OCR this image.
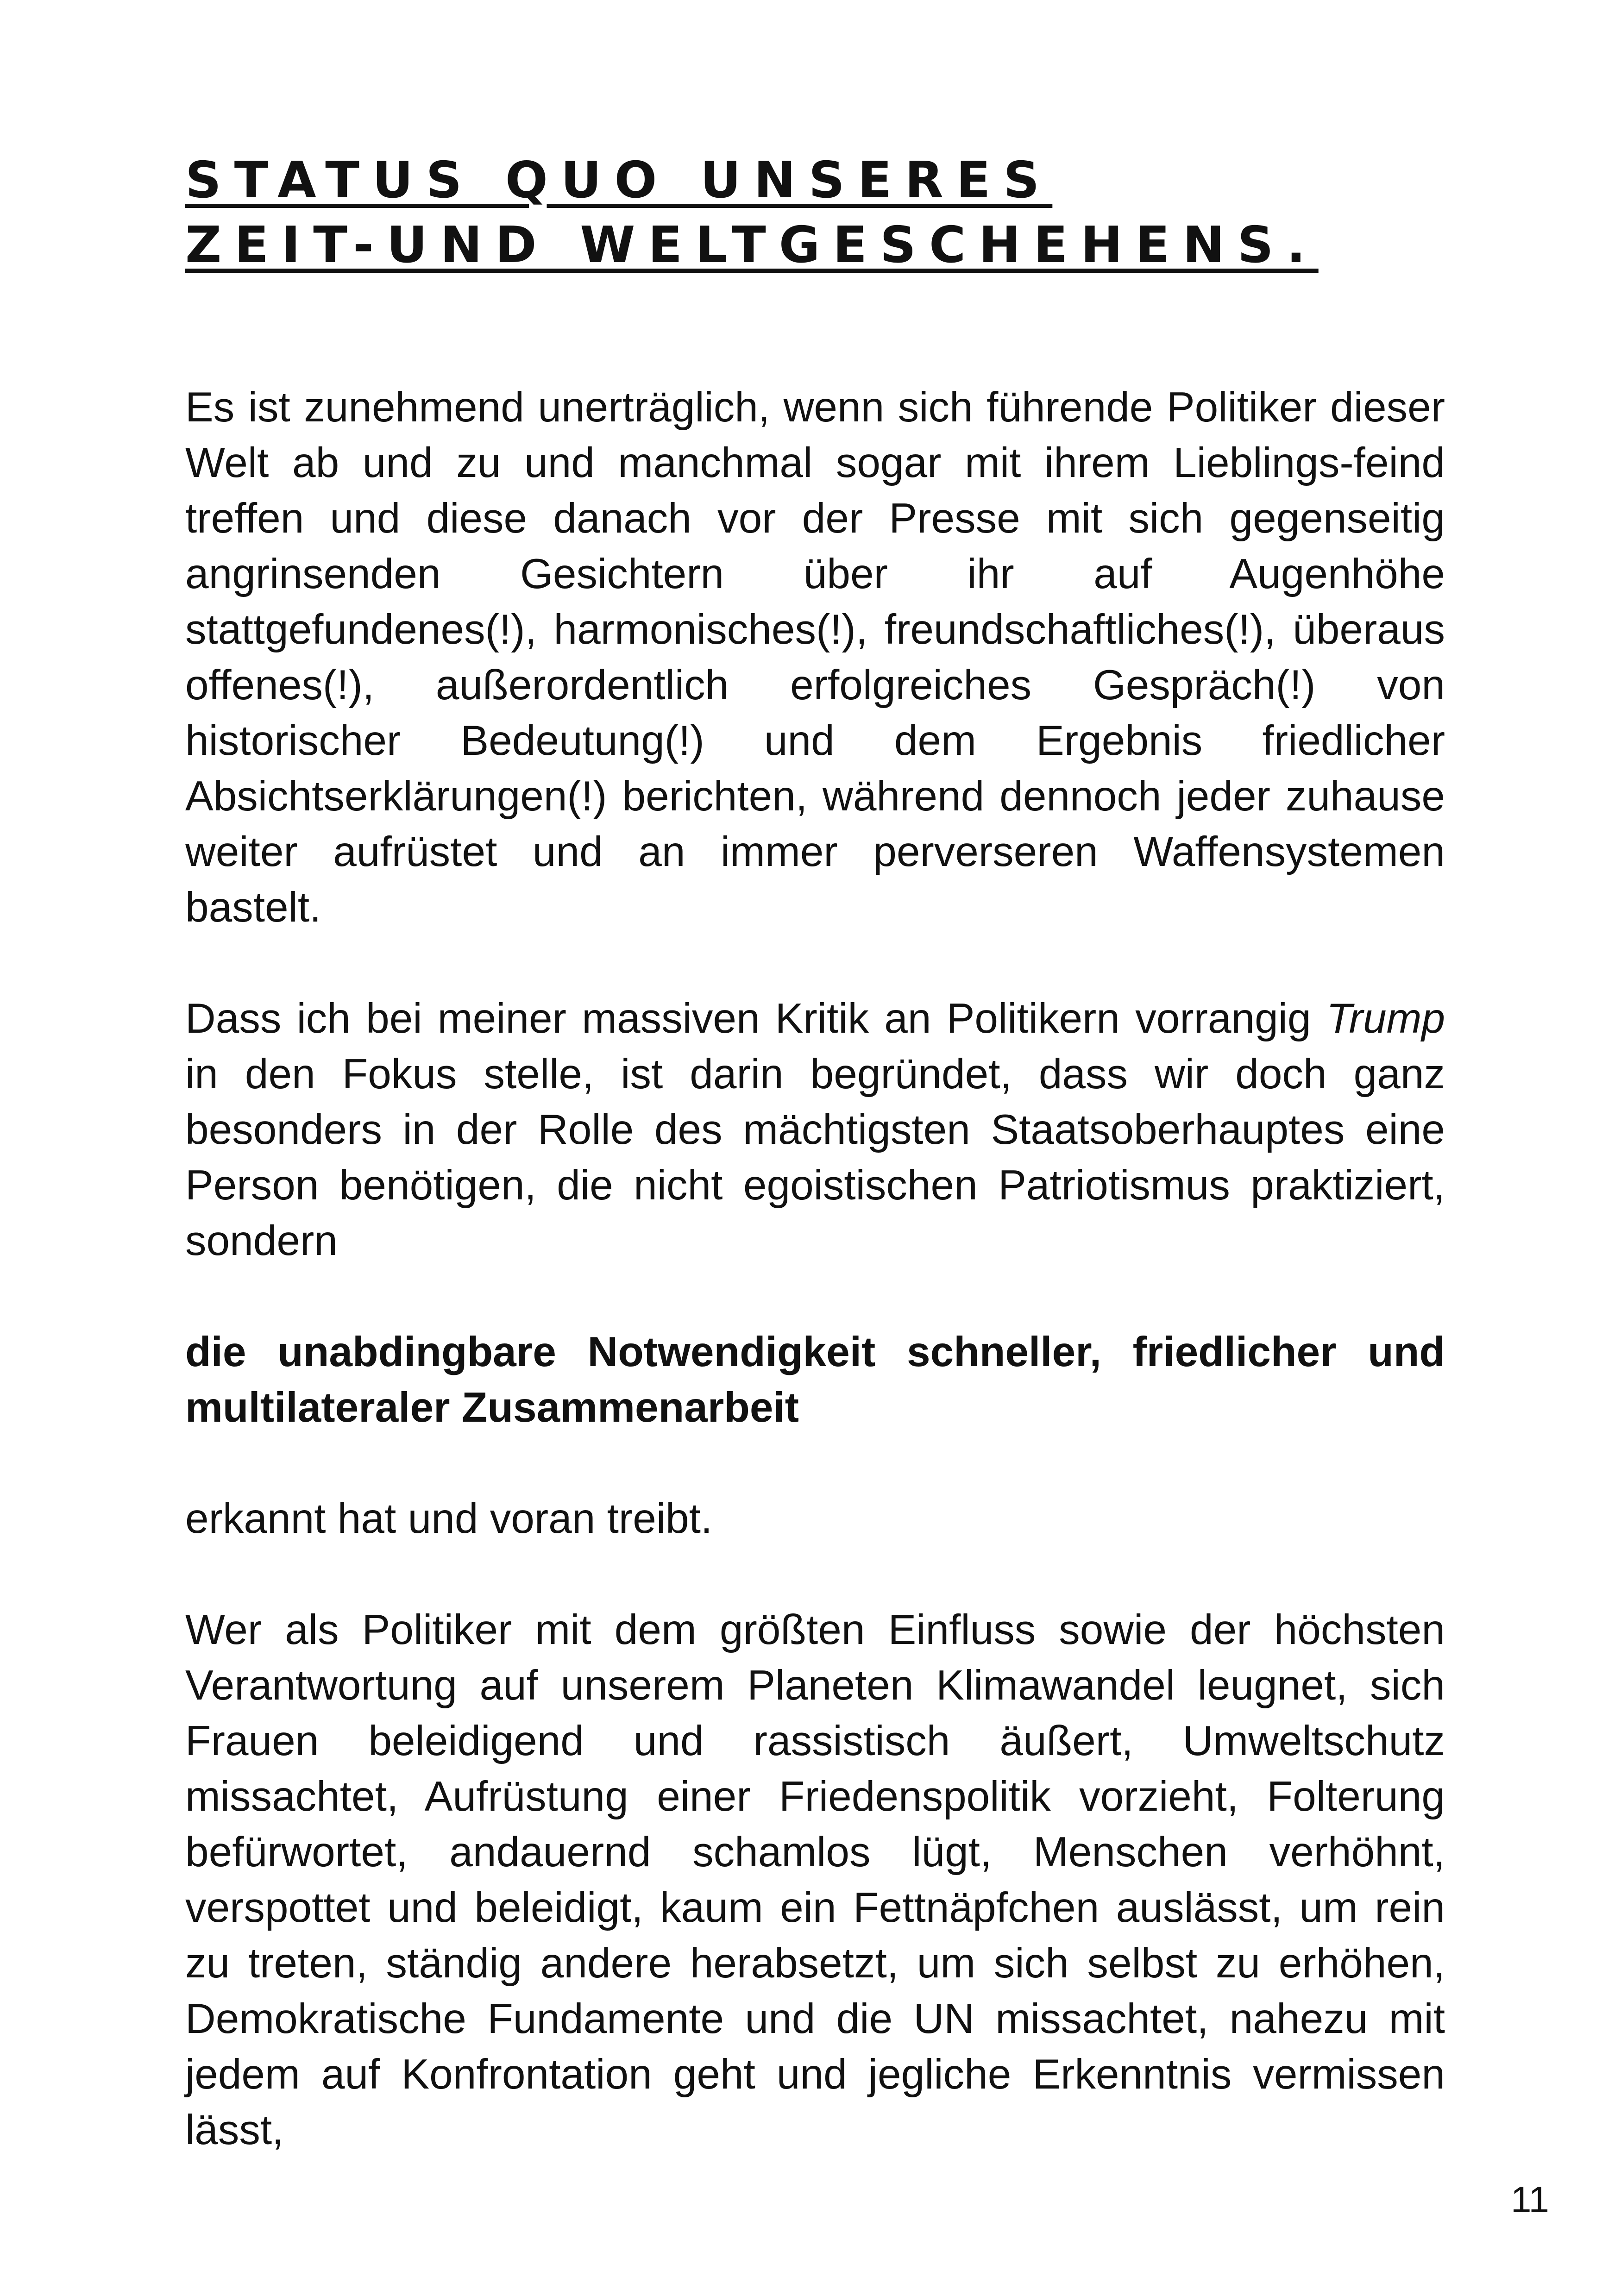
STATUS QUO UNSERES
ZEIT-UND WELTGESCHEHENS.

Es ist zunehmend unerträglich, wenn sich führende Politiker dieser Welt ab und zu und manchmal sogar mit ihrem Lieblings-feind treffen und diese danach vor der Presse mit sich gegenseitig angrinsenden Gesichtern über ihr auf Augenhöhe stattgefundenes(!), harmonisches(!), freundschaftliches(!), überaus offenes(!), außerordentlich erfolgreiches Gespräch(!) von historischer Bedeutung(!) und dem Ergebnis friedlicher Absichtserklärungen(!) berichten, während dennoch jeder zuhause weiter aufrüstet und an immer perverseren Waffensystemen bastelt.

Dass ich bei meiner massiven Kritik an Politikern vorrangig Trump in den Fokus stelle, ist darin begründet, dass wir doch ganz besonders in der Rolle des mächtigsten Staatsoberhauptes eine Person benötigen, die nicht egoistischen Patriotismus praktiziert, sondern

die unabdingbare Notwendigkeit schneller, friedlicher und multilateraler Zusammenarbeit

erkannt hat und voran treibt.

Wer als Politiker mit dem größten Einfluss sowie der höchsten Verantwortung auf unserem Planeten Klimawandel leugnet, sich Frauen beleidigend und rassistisch äußert, Umweltschutz missachtet, Aufrüstung einer Friedenspolitik vorzieht, Folterung befürwortet, andauernd schamlos lügt, Menschen verhöhnt, verspottet und beleidigt, kaum ein Fettnäpfchen auslässt, um rein zu treten, ständig andere herabsetzt, um sich selbst zu erhöhen, Demokratische Fundamente und die UN missachtet, nahezu mit jedem auf Konfrontation geht und jegliche Erkenntnis vermissen lässt,

11
